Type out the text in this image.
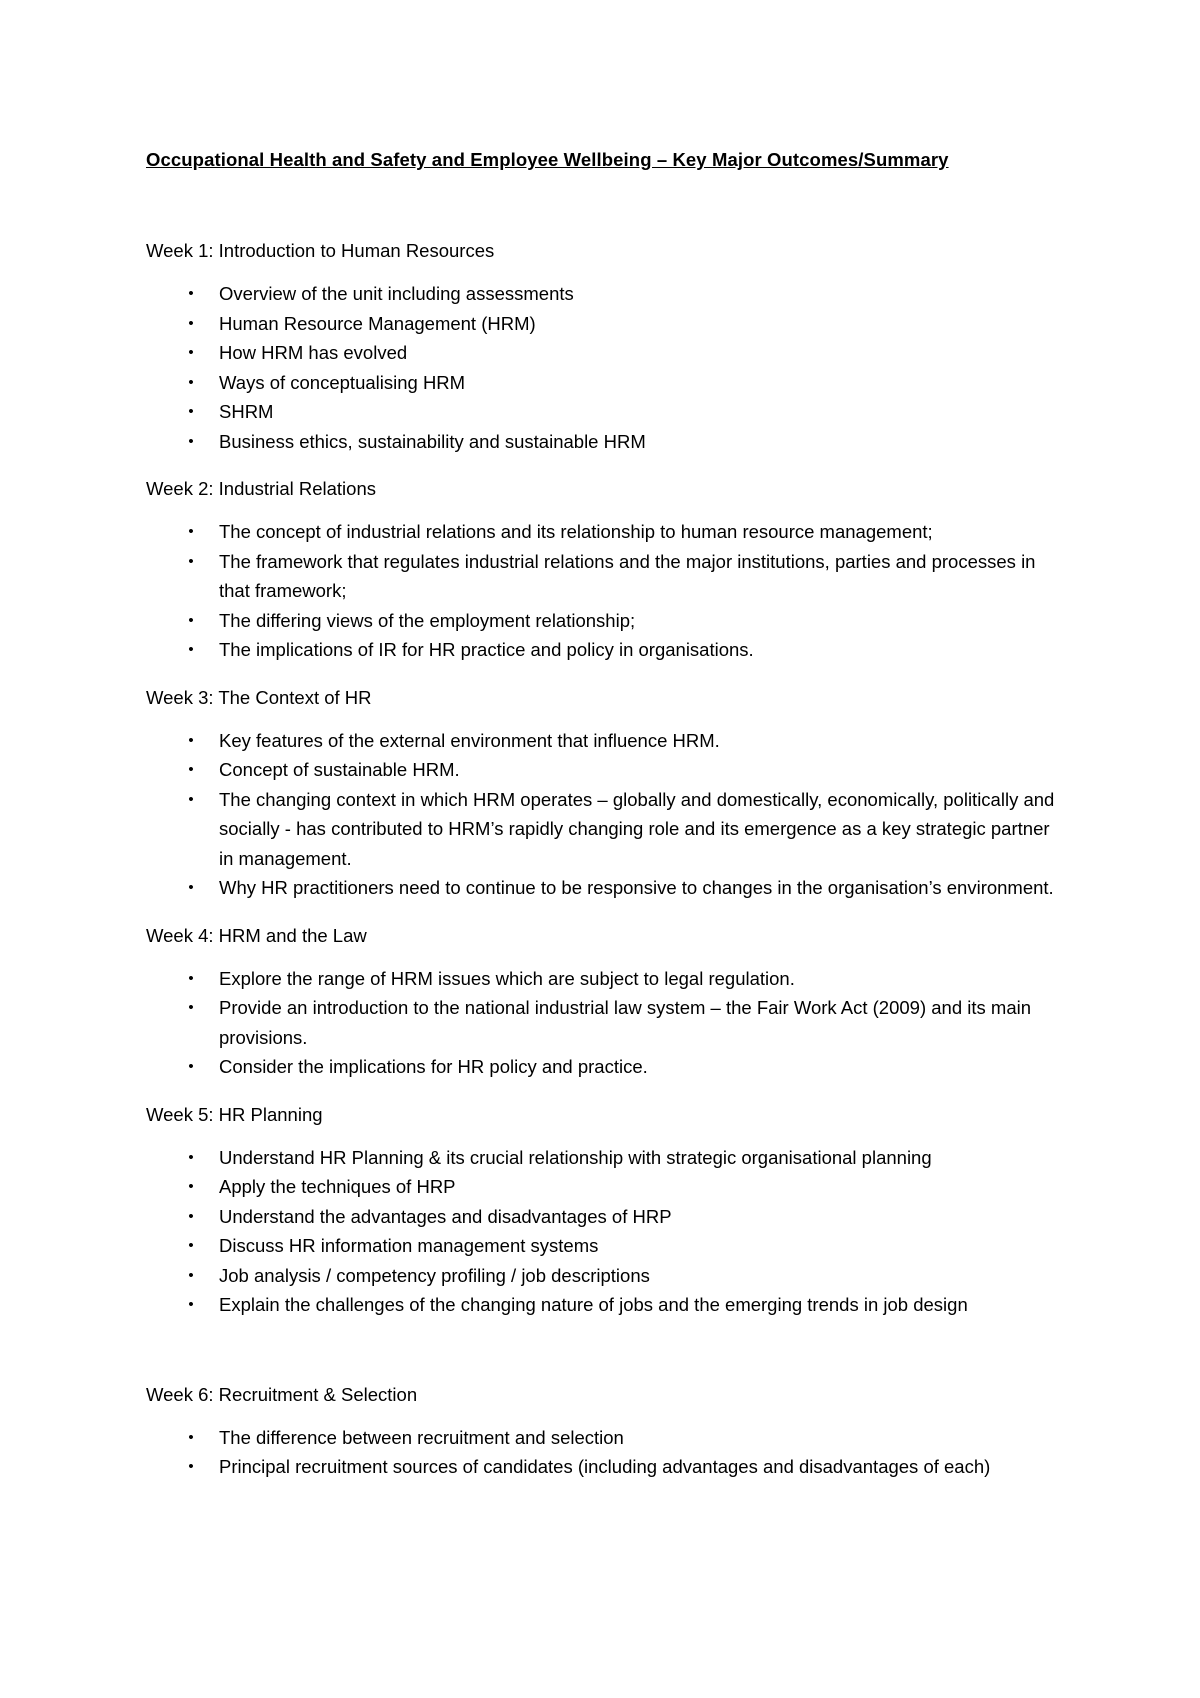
Occupational Health and Safety and Employee Wellbeing – Key Major Outcomes/Summary
Week 1: Introduction to Human Resources
• Overview of the unit including assessments
• Human Resource Management (HRM)
• How HRM has evolved
• Ways of conceptualising HRM
• SHRM
• Business ethics, sustainability and sustainable HRM
Week 2: Industrial Relations
• The concept of industrial relations and its relationship to human resource management;
• The framework that regulates industrial relations and the major institutions, parties and processes in that framework;
• The differing views of the employment relationship;
• The implications of IR for HR practice and policy in organisations.
Week 3: The Context of HR
• Key features of the external environment that influence HRM.
• Concept of sustainable HRM.
• The changing context in which HRM operates – globally and domestically, economically, politically and socially - has contributed to HRM’s rapidly changing role and its emergence as a key strategic partner in management.
• Why HR practitioners need to continue to be responsive to changes in the organisation’s environment.
Week 4: HRM and the Law
• Explore the range of HRM issues which are subject to legal regulation.
• Provide an introduction to the national industrial law system – the Fair Work Act (2009) and its main provisions.
• Consider the implications for HR policy and practice.
Week 5: HR Planning
• Understand HR Planning & its crucial relationship with strategic organisational planning
• Apply the techniques of HRP
• Understand the advantages and disadvantages of HRP
• Discuss HR information management systems
• Job analysis / competency profiling / job descriptions
• Explain the challenges of the changing nature of jobs and the emerging trends in job design
Week 6: Recruitment & Selection
• The difference between recruitment and selection
• Principal recruitment sources of candidates (including advantages and disadvantages of each)
